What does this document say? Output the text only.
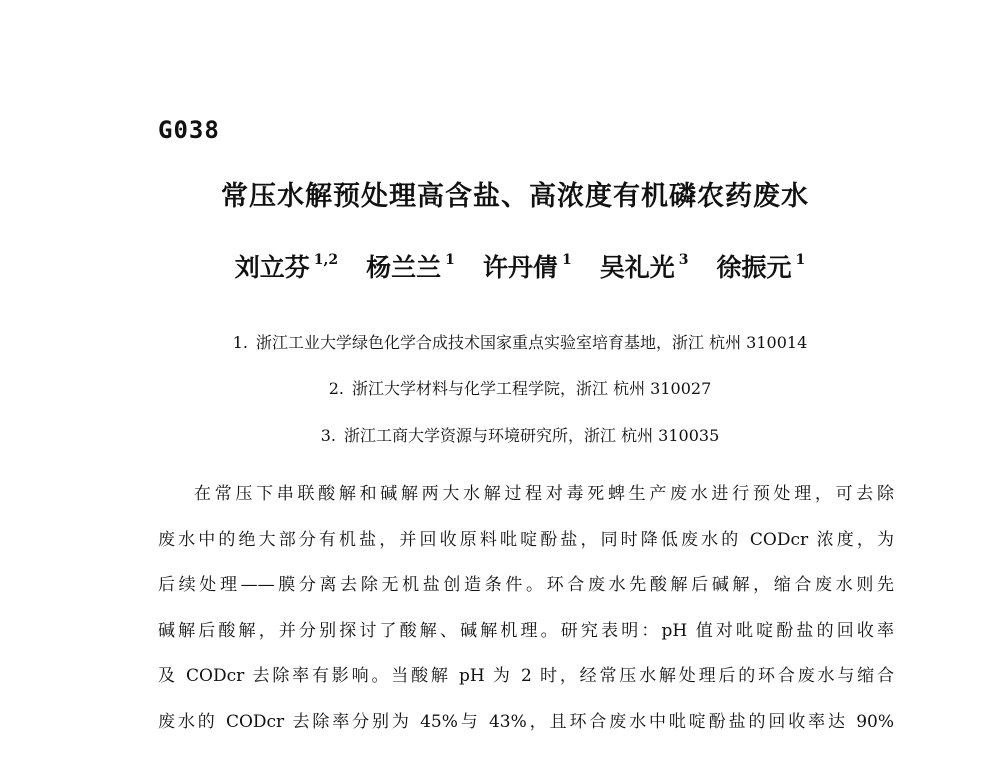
G038
常压水解预处理高含盐、高浓度有机磷农药废水
刘立芬 $^{1,2}$ 杨兰兰 $^1$ 许丹倩 $^1$ 吴礼光 $^3$ 徐振元 $^1$
1. 浙江工业大学绿色化学合成技术国家重点实验室培育基地，浙江 杭州 310014
2. 浙江大学材料与化学工程学院，浙江 杭州 310027
3. 浙江工商大学资源与环境研究所，浙江 杭州 310035
在常压下串联酸解和碱解两大水解过程对毒死蜱生产废水进行预处理，可去除
废水中的绝大部分有机盐，并回收原料吡啶酚盐，同时降低废水的 CODcr 浓度，为
后续处理——膜分离去除无机盐创造条件。环合废水先酸解后碱解，缩合废水则先
碱解后酸解，并分别探讨了酸解、碱解机理。研究表明：pH 值对吡啶酚盐的回收率
及 CODcr 去除率有影响。当酸解 pH 为 2 时，经常压水解处理后的环合废水与缩合
废水的 CODcr 去除率分别为 45%与 43%，且环合废水中吡啶酚盐的回收率达 90%
